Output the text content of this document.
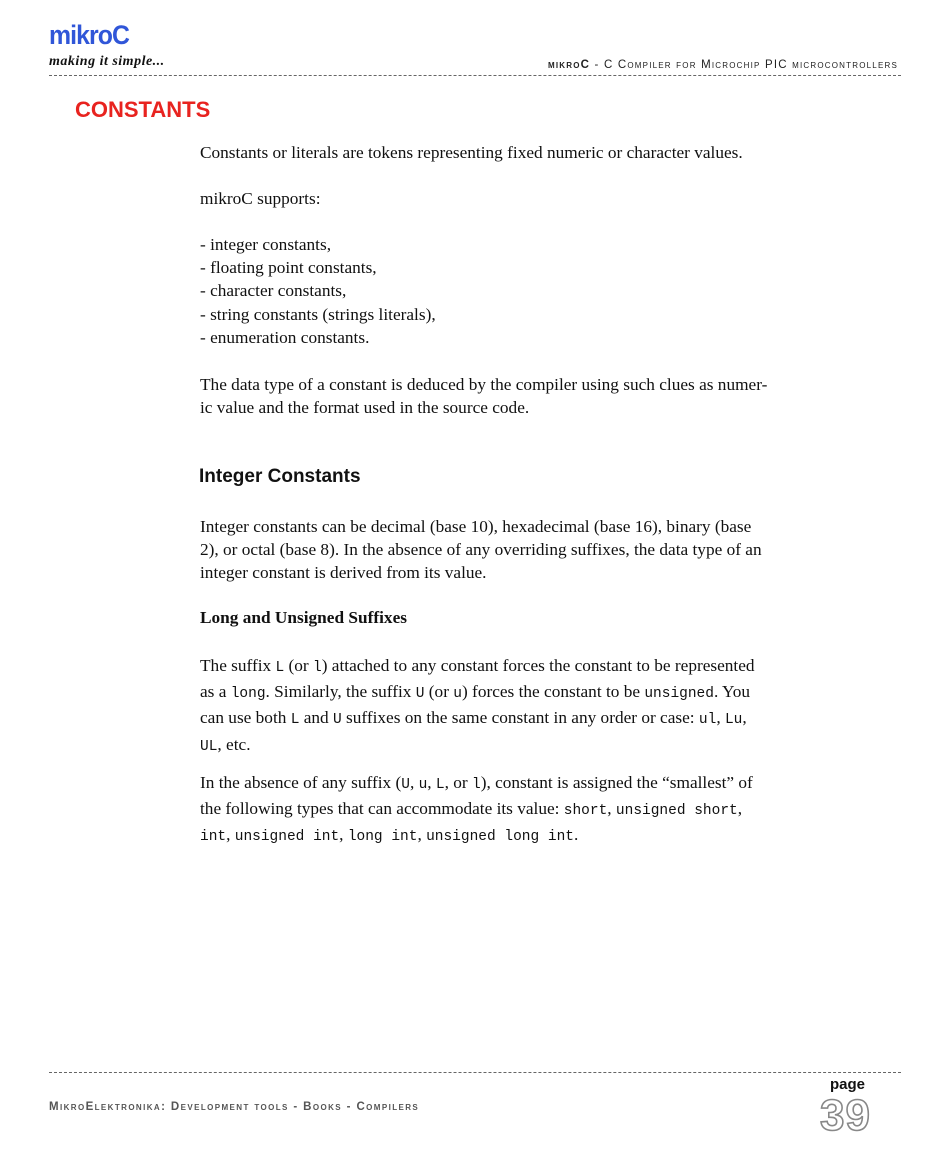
mikroC
making it simple...	mikroC - C Compiler for Microchip PIC microcontrollers
CONSTANTS

Constants or literals are tokens representing fixed numeric or character values.

mikroC supports:

- integer constants,

- floating point constants,

- character constants,

- string constants (strings literals),

- enumeration constants.

The data type of a constant is deduced by the compiler using such clues as numer-

ic value and the format used in the source code.

Integer Constants

Integer constants can be decimal (base 10), hexadecimal (base 16), binary (base

2), or octal (base 8). In the absence of any overriding suffixes, the data type of an

integer constant is derived from its value.

Long and Unsigned Suffixes

The suffix L (or l) attached to any constant forces the constant to be represented

as a long. Similarly, the suffix U (or u) forces the constant to be unsigned. You

can use both L and U suffixes on the same constant in any order or case: ul, Lu,

UL, etc.

In the absence of any suffix (U, u, L, or l), constant is assigned the “smallest” of

the following types that can accommodate its value: short, unsigned short,

int, unsigned int, long int, unsigned long int.

page
MikroElektronika: Development tools - Books - Compilers	39
